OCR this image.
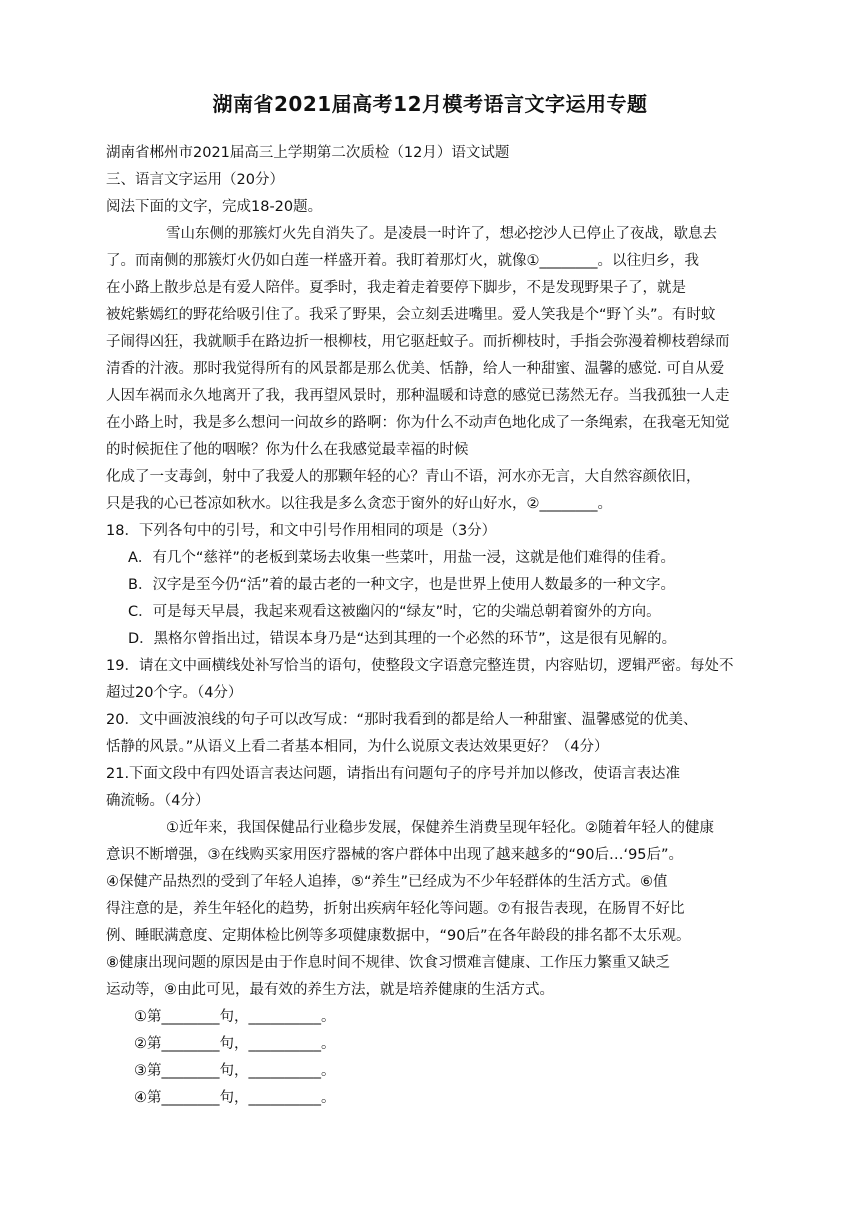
湖南省2021届高考12月模考语言文字运用专题
湖南省郴州市2021届高三上学期第二次质检（12月）语文试题
三、语言文字运用（20分）
阅法下面的文字，完成18-20题。
雪山东侧的那簇灯火先自消失了。是凌晨一时许了，想必挖沙人已停止了夜战，歇息去
了。而南侧的那簇灯火仍如白莲一样盛开着。我盯着那灯火，就像①________。以往归乡，我
在小路上散步总是有爱人陪伴。夏季时，我走着走着要停下脚步，不是发现野果子了，就是
被姹紫嫣红的野花给吸引住了。我采了野果，会立刻丢进嘴里。爱人笑我是个“野丫头”。有时蚊
子闹得凶狂，我就顺手在路边折一根柳枝，用它驱赶蚊子。而折柳枝时，手指会弥漫着柳枝碧绿而
清香的汁液。那时我觉得所有的风景都是那么优美、恬静，给人一种甜蜜、温馨的感觉. 可自从爱
人因车祸而永久地离开了我，我再望风景时，那种温暖和诗意的感觉已荡然无存。当我孤独一人走
在小路上时，我是多么想问一问故乡的路啊：你为什么不动声色地化成了一条绳索，在我毫无知觉
的时候扼住了他的咽喉？你为什么在我感觉最幸福的时候
化成了一支毒剑，射中了我爱人的那颗年轻的心？青山不语，河水亦无言，大自然容颜依旧，
只是我的心已苍凉如秋水。以往我是多么贪恋于窗外的好山好水，②________。
18．下列各句中的引号，和文中引号作用相同的项是（3分）
A．有几个“慈祥”的老板到菜场去收集一些菜叶，用盐一浸，这就是他们难得的佳肴。
B．汉字是至今仍“活”着的最古老的一种文字，也是世界上使用人数最多的一种文字。
C．可是每天早晨，我起来观看这被幽闪的“绿友”时，它的尖端总朝着窗外的方向。
D．黑格尔曾指出过，错误本身乃是“达到其理的一个必然的环节”，这是很有见解的。
19．请在文中画横线处补写恰当的语句，使整段文字语意完整连贯，内容贴切，逻辑严密。每处不
超过20个字。（4分）
20．文中画波浪线的句子可以改写成：“那时我看到的都是给人一种甜蜜、温馨感觉的优美、
恬静的风景。”从语义上看二者基本相同，为什么说原文表达效果更好？（4分）
21.下面文段中有四处语言表达问题，请指出有问题句子的序号并加以修改，使语言表达准
确流畅。（4分）
①近年来，我国保健品行业稳步发展，保健养生消费呈现年轻化。②随着年轻人的健康
意识不断增强，③在线购买家用医疗器械的客户群体中出现了越来越多的“90后…‘95后”。
④保健产品热烈的受到了年轻人追捧，⑤“养生”已经成为不少年轻群体的生活方式。⑥值
得注意的是，养生年轻化的趋势，折射出疾病年轻化等问题。⑦有报告表现，在肠胃不好比
例、睡眠满意度、定期体检比例等多项健康数据中，“90后”在各年龄段的排名都不太乐观。
⑧健康出现问题的原因是由于作息时间不规律、饮食习惯难言健康、工作压力繁重又缺乏
运动等，⑨由此可见，最有效的养生方法，就是培养健康的生活方式。
①第________句，__________。
②第________句，__________。
③第________句，__________。
④第________句，__________。
